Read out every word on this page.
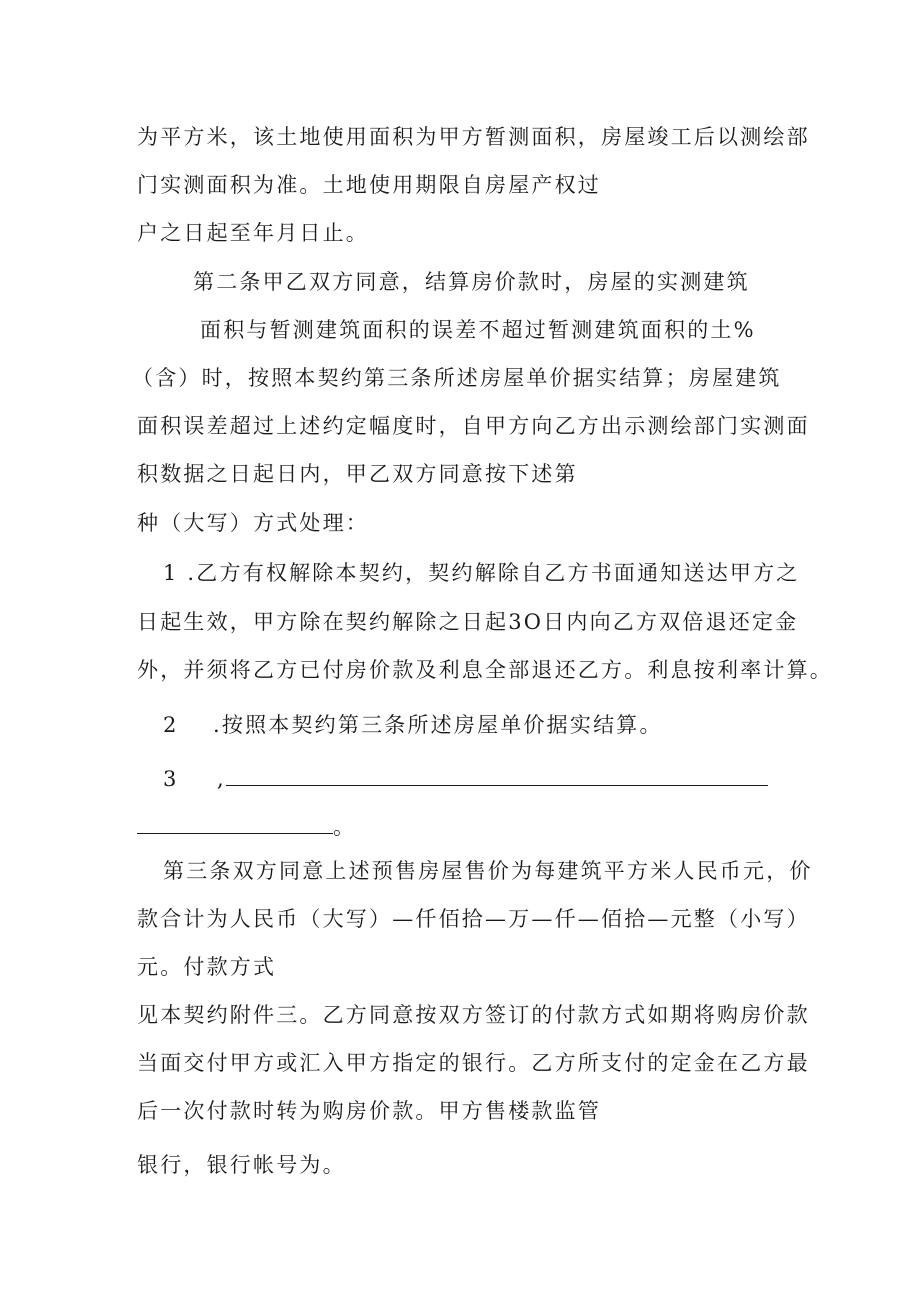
为平方米，该土地使用面积为甲方暂测面积，房屋竣工后以测绘部
门实测面积为准。土地使用期限自房屋产权过
户之日起至年月日止。
第二条甲乙双方同意，结算房价款时，房屋的实测建筑
面积与暂测建筑面积的误差不超过暂测建筑面积的土%
（含）时，按照本契约第三条所述房屋单价据实结算；房屋建筑
面积误差超过上述约定幅度时，自甲方向乙方出示测绘部门实测面
积数据之日起日内，甲乙双方同意按下述第
种（大写）方式处理：
1 .乙方有权解除本契约，契约解除自乙方书面通知送达甲方之
日起生效，甲方除在契约解除之日起3O日内向乙方双倍退还定金
外，并须将乙方已付房价款及利息全部退还乙方。利息按利率计算。
2 .按照本契约第三条所述房屋单价据实结算。
3 ,
。
第三条双方同意上述预售房屋售价为每建筑平方米人民币元，价
款合计为人民币（大写）—仟佰拾—万—仟—佰拾—元整（小写）
元。付款方式
见本契约附件三。乙方同意按双方签订的付款方式如期将购房价款
当面交付甲方或汇入甲方指定的银行。乙方所支付的定金在乙方最
后一次付款时转为购房价款。甲方售楼款监管
银行，银行帐号为。
